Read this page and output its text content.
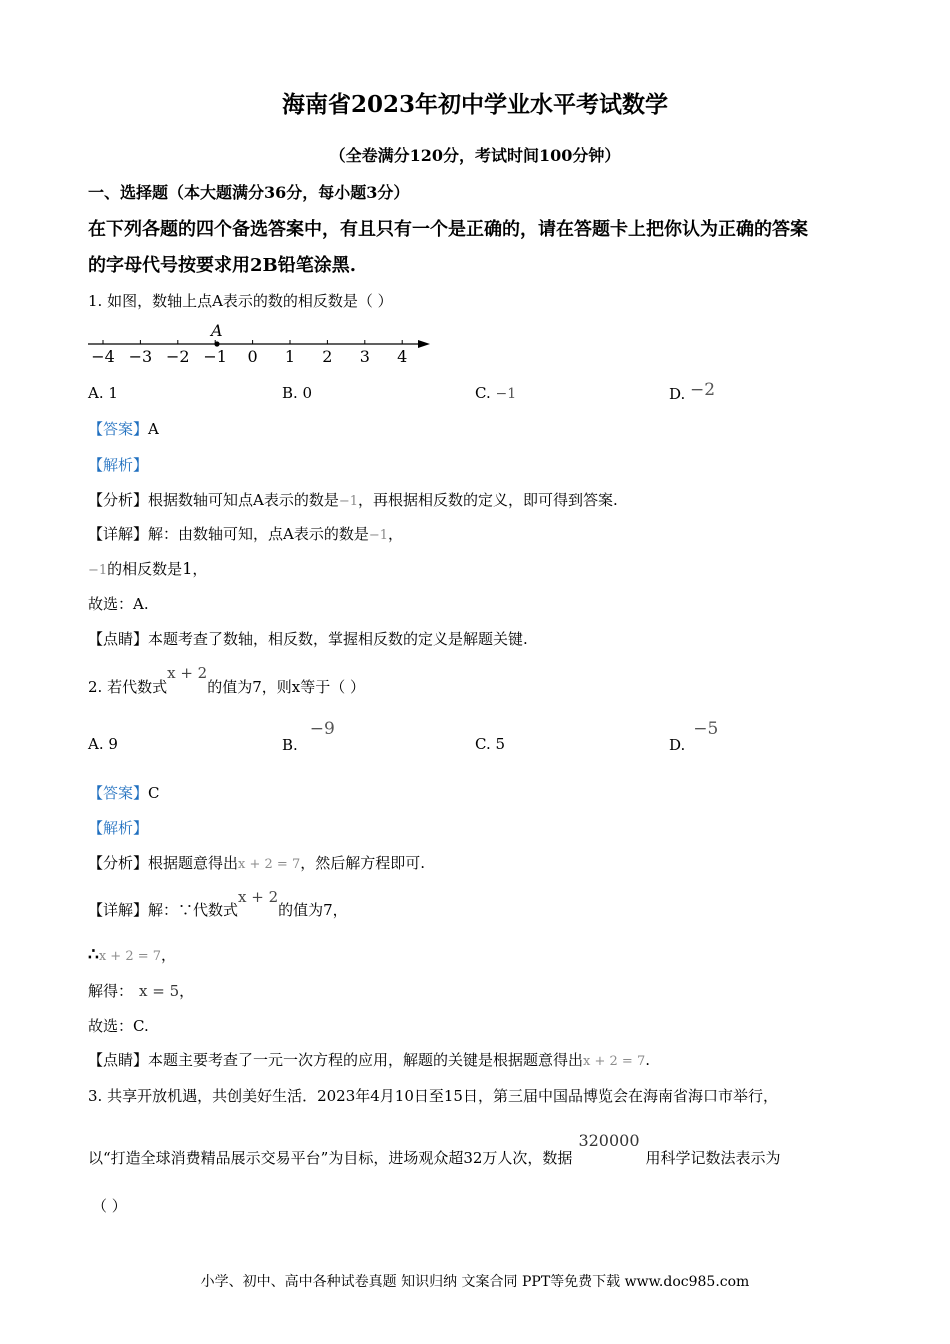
海南省2023年初中学业水平考试数学
（全卷满分120分，考试时间100分钟）
一、选择题（本大题满分36分，每小题3分）
在下列各题的四个备选答案中，有且只有一个是正确的，请在答题卡上把你认为正确的答案
的字母代号按要求用2B铅笔涂黑.
1. 如图，数轴上点A表示的数的相反数是（ ）
−4 −3 −2 −1 0 1 2 3 4
A
A. 1	B. 0	C. −1	D. −2
【答案】A
【解析】
【分析】根据数轴可知点A表示的数是−1，再根据相反数的定义，即可得到答案.
【详解】解：由数轴可知，点A表示的数是−1，
−1的相反数是1，
故选：A.
【点睛】本题考查了数轴，相反数，掌握相反数的定义是解题关键.
2. 若代数式x + 2的值为7，则x等于（ ）
A. 9	B.−9
C. 5	D.−5
【答案】C
【解析】
【分析】根据题意得出x + 2 = 7，然后解方程即可.
【详解】解：∵代数式x + 2的值为7，
∴x + 2 = 7，
解得： x = 5，
故选：C.
【点睛】本题主要考查了一元一次方程的应用，解题的关键是根据题意得出x + 2 = 7.
3. 共享开放机遇，共创美好生活．2023年4月10日至15日，第三届中国品博览会在海南省海口市举行，
以“打造全球消费精品展示交易平台”为目标，进场观众超32万人次，数据320000用科学记数法表示为
（ ）
小学、初中、高中各种试卷真题 知识归纳 文案合同 PPT等免费下载 www.doc985.com
